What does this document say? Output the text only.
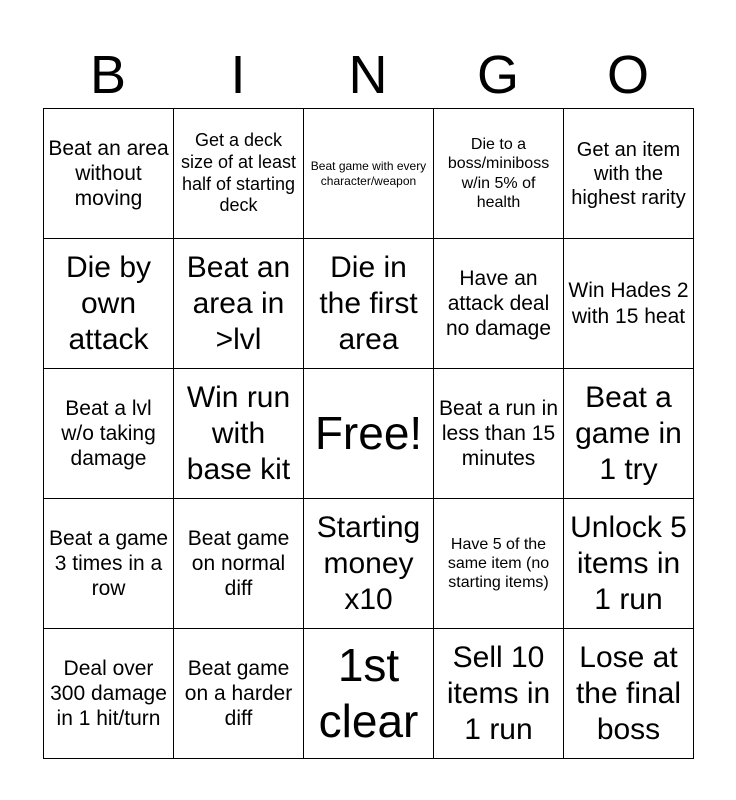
B	I	N	G	O
Beat an area without moving	Get a deck size of at least half of starting deck	Beat game with every character/weapon	Die to a boss/miniboss w/in 5% of health	Get an item with the highest rarity
Die by own attack	Beat an area in >lvl	Die in the first area	Have an attack deal no damage	Win Hades 2 with 15 heat
Beat a lvl w/o taking damage	Win run with base kit	Free!	Beat a run in less than 15 minutes	Beat a game in 1 try
Beat a game 3 times in a row	Beat game on normal diff	Starting money x10	Have 5 of the same item (no starting items)	Unlock 5 items in 1 run
Deal over 300 damage in 1 hit/turn	Beat game on a harder diff	1st clear	Sell 10 items in 1 run	Lose at the final boss
